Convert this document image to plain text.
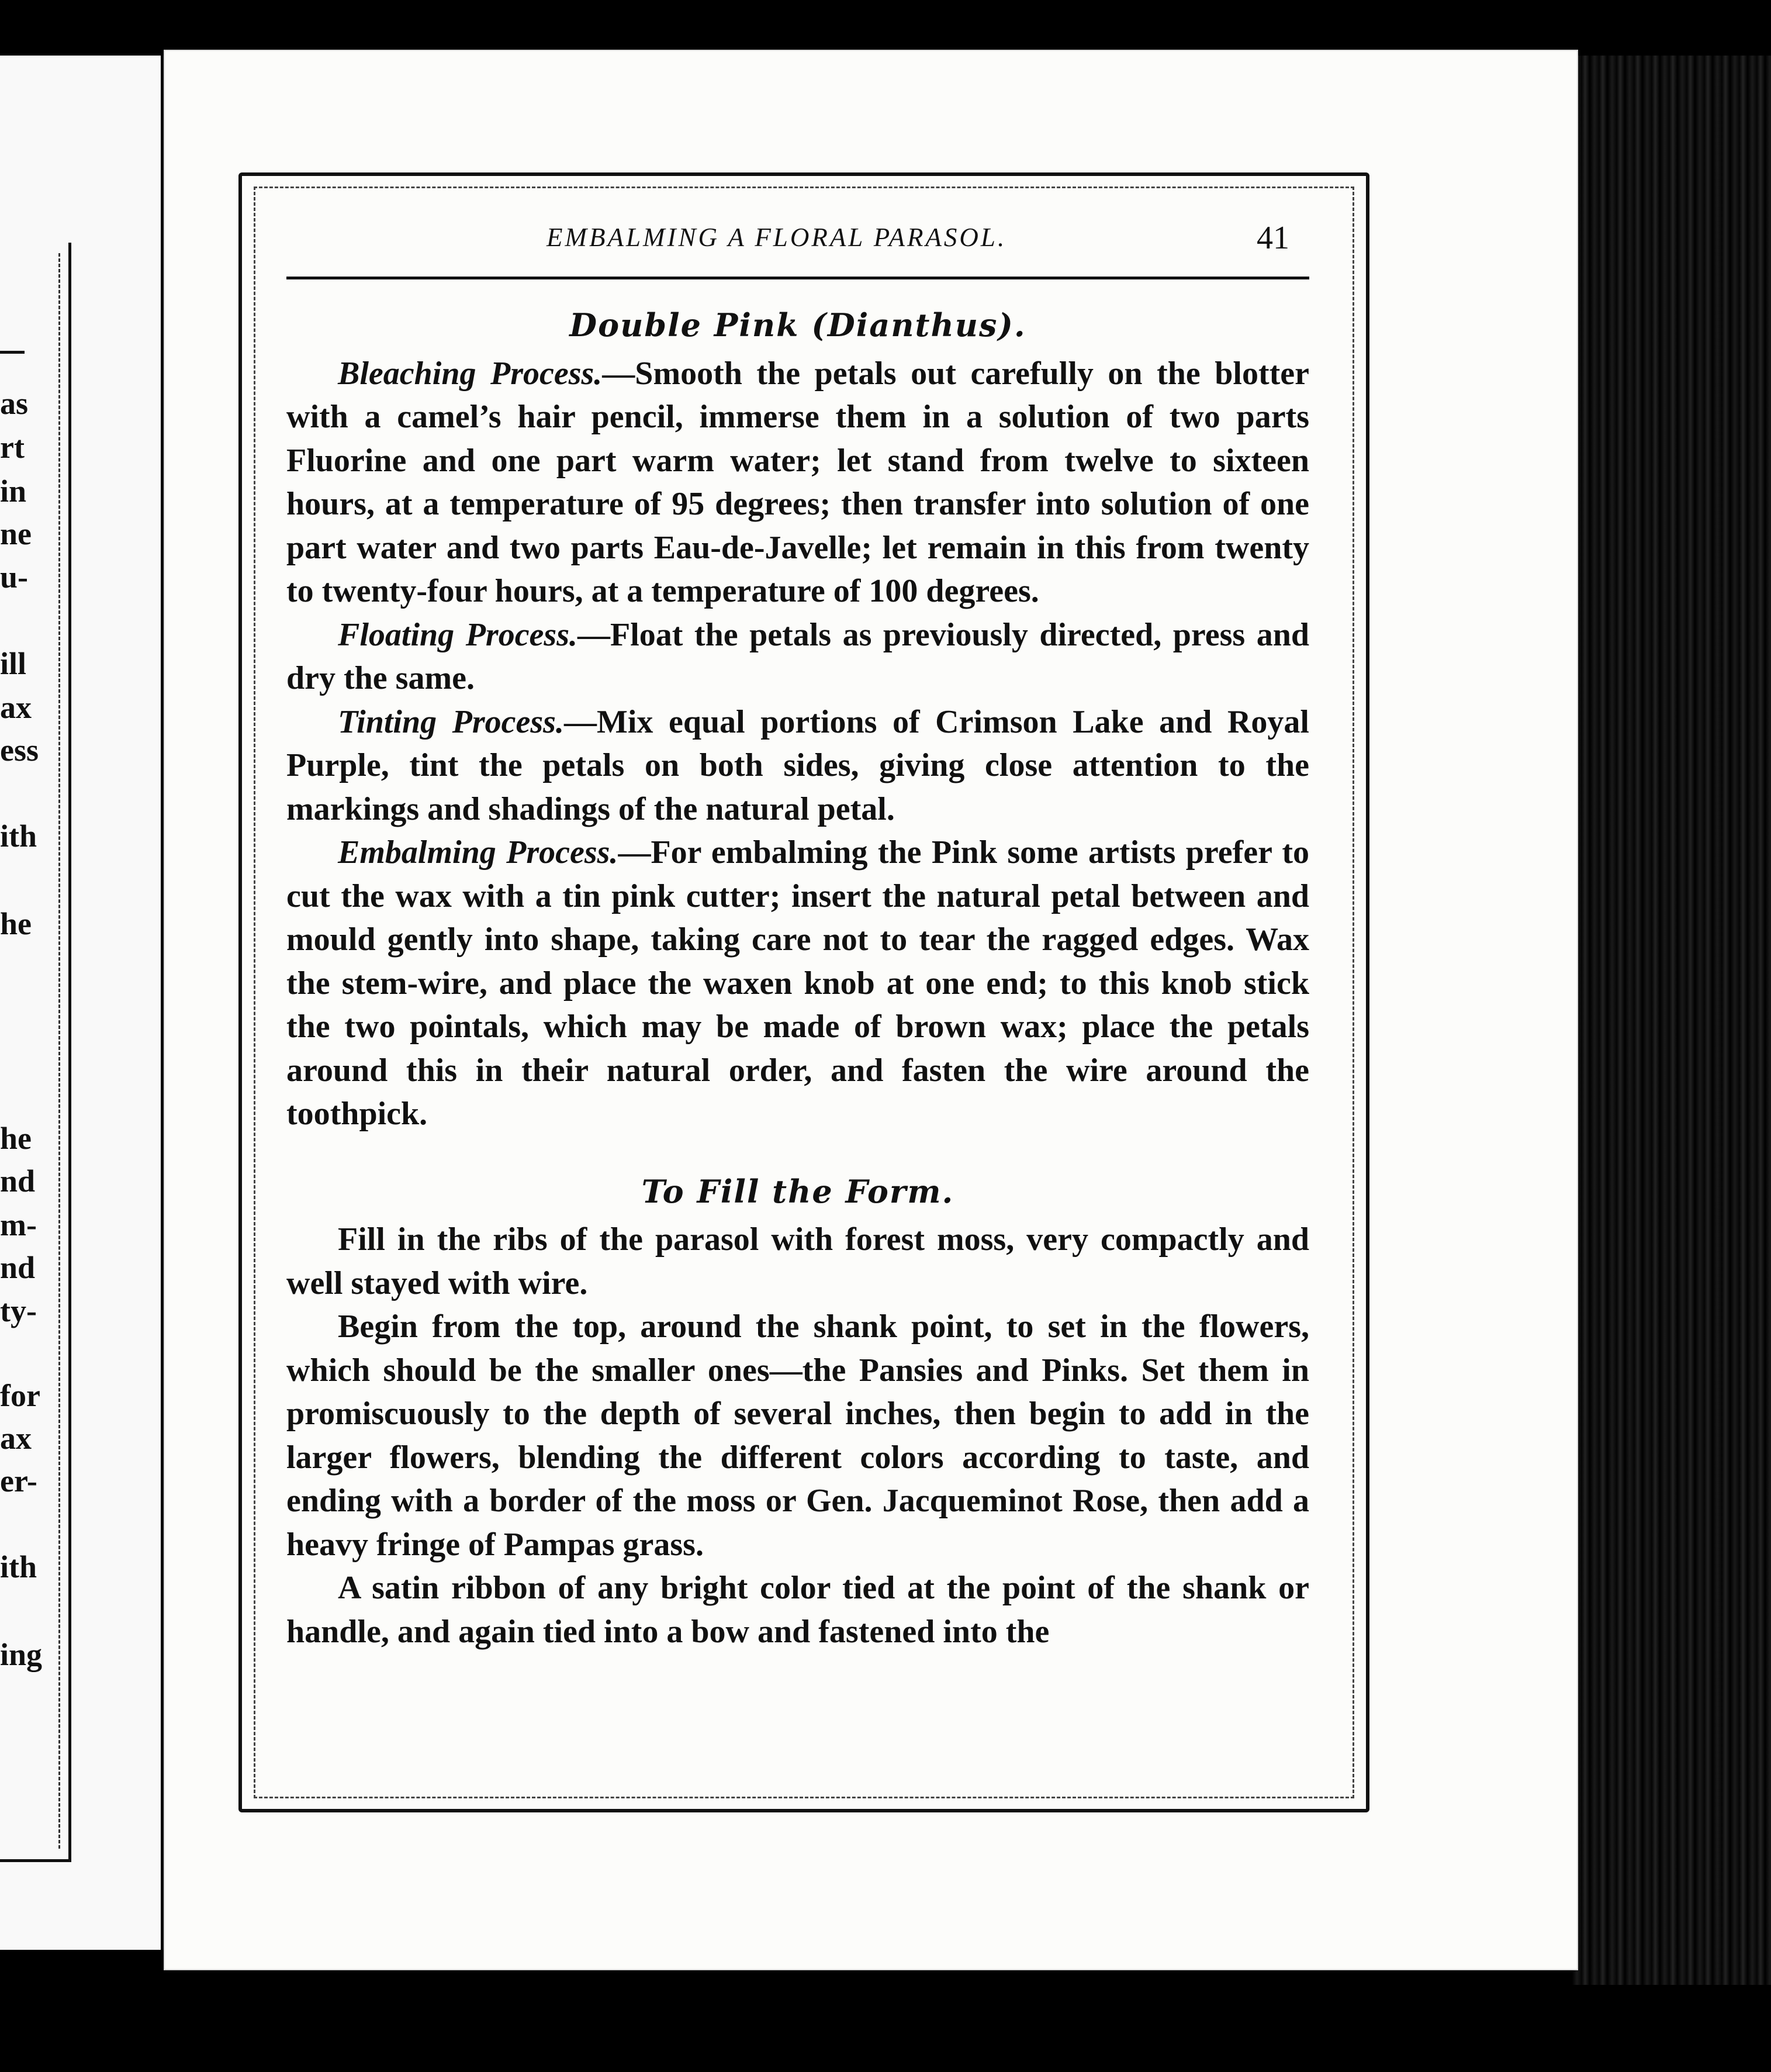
as
rt
in
ne
u-
ill
ax
ess
ith
he
he
nd
m-
nd
ty-
for
ax
er-
ith
ing
EMBALMING A FLORAL PARASOL.	41
Double Pink (Dianthus).

Bleaching Process.—Smooth the petals out carefully on the blotter with a camel’s hair pencil, immerse them in a solution of two parts Fluorine and one part warm water; let stand from twelve to sixteen hours, at a temperature of 95 degrees; then transfer into solution of one part water and two parts Eau-de-Javelle; let remain in this from twenty to twenty-four hours, at a temperature of 100 degrees.

Floating Process.—Float the petals as previously directed, press and dry the same.

Tinting Process.—Mix equal portions of Crimson Lake and Royal Purple, tint the petals on both sides, giving close attention to the markings and shadings of the natural petal.

Embalming Process.—For embalming the Pink some artists prefer to cut the wax with a tin pink cutter; insert the natural petal between and mould gently into shape, taking care not to tear the ragged edges. Wax the stem-wire, and place the waxen knob at one end; to this knob stick the two pointals, which may be made of brown wax; place the petals around this in their natural order, and fasten the wire around the toothpick.

To Fill the Form.

Fill in the ribs of the parasol with forest moss, very compactly and well stayed with wire.

Begin from the top, around the shank point, to set in the flowers, which should be the smaller ones—the Pansies and Pinks. Set them in promiscuously to the depth of several inches, then begin to add in the larger flowers, blending the different colors according to taste, and ending with a border of the moss or Gen. Jacqueminot Rose, then add a heavy fringe of Pampas grass.

A satin ribbon of any bright color tied at the point of the shank or handle, and again tied into a bow and fastened into the
